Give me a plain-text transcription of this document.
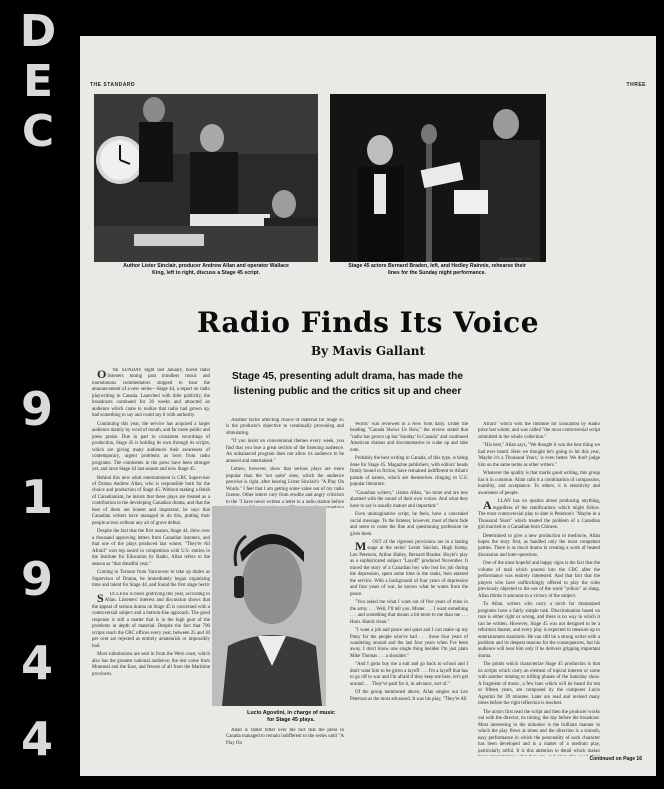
D
E
C
9
1
9
4
4
THE STANDARD	THREE
Author Lister Sinclair, producer Andrew Allan and operator Wallace King, left to right, discuss a Stage 45 script.
Stage 45 actors Bernard Braden, left, and Hedley Rainnie, rehearse their lines for the Sunday night performance.
Photo by Page Toles
Radio Finds Its Voice
By Mavis Gallant
Stage 45, presenting adult drama, has made the listening public and the critics sit up and cheer

ONE SUNDAY night last January, bored radio listeners tuning past mindless music and monotonous commentators stopped to hear the announcement of a new series—Stage 44, a report on radio playwriting in Canada. Launched with little publicity, the broadcasts continued for 26 weeks and attracted an audience which came to realize that radio had grown up, had something to say and could say it with authority.

Continuing this year, the service has acquired a larger audience mainly by word of mouth, and far more public and press praise. Due in part to consistent recordings of production, Stage 45 is holding its own through its scripts, which are giving many audiences their awareness of contemporary, urgent problems as born from radio programs. The comments in the press have been stronger yet, and once Stage 44 last season and now Stage 45.

Behind this new adult entertainment is CBC Supervisor of Drama Andrew Allan, who is responsible both for the choice and production of Stage 45. Without making a fetish of Canadianism, he insists that these plays are treated as a contribution to the developing Canadian drama, and that the best of them are honest and important; he says that Canadian writers have managed to do this, putting their people across without any air of grave defeat.

Despite the fact that the first season, Stage 44, drew over a thousand approving letters from Canadian listeners, and that one of the plays produced last winter, "They're All Afraid" won top award in competition with U.S. entries in the Institute for Education by Radio, Allan refers to the season as "that dreadful year."

Coming to Toronto from Vancouver to take up duties as Supervisor of Drama, he immediately began organizing time and talent for Stage 44, and found the first stage hectic

SUCCESS is more gratifying this year, according to Allan. Listeners' interest and discussion shows that the appeal of serious drama on Stage 45 is concerned with a controversial subject and a bottom-line approach. The good response is still a matter that is in the high gear of the problems in depth of material. Despite the fact that 700 scripts reach the CBC offices every year, between 25 and 30 per cent are rejected as entirely amateurish or impossibly bad.

Most submissions are sent in from the West coast, which also has the greatest national audience; the rest come from Montreal and the East, and fewest of all from the Maritime provinces.

Another factor affecting choice of material for Stage 45 is the producer's objective to continually provoking and stimulating.

"If you insist on conventional themes every week, you find that you lose a great section of the listening audience. An unbalanced program does not allow its audience to be amused and entertained."

Letters, however, show that serious plays are more popular than the 'not quite' ones, which the audience perceive is right, after hearing Lister Sinclair's "A Play On Words." I feel that I am getting some value out of my radio license. Other letters vary from erudite and angry criticism to the "I have never written a letter to a radio station before

Lucio Agostini, in charge of music for Stage 45 plays.

Allan is rather bitter over the fact that the press in Canada managed to remain indifferent to the series until "A Play On

Words" was reviewed in a New York daily. Under the heading "Canada Shows Us How," the review stated that "radio has grown up but 'Sunday' in Canada" and continued American dramas and documentaries to wake up and take note.

Probably the best writing in Canada, of this type, is being done for Stage 45. Magazine publishers, with editors' heads firmly bound to fiction, have remained indifferent to Allan's parade of names, which are themselves clinging to U.S. popular literature.

"Canadian writers," claims Allan, "no more and are less alarmed with the sound of their own voices. And what they have to say is usually mature and important."

Even unimaginative script, he feels, have a concealed social message. To the listener, however, most of them fade and seem to come the fine and questioning profession he gives them.

MOST of the rigorous provisions are in a lasting stage at the series' Lester Sinclair, Hugh Kemp, Len Peterson, Arthur Hailey, Bernard Braden: Hoyle's play as a sophisticated subject "Layoff" produced November. It traced the story of a Canadian boy who lost his job during the depression, spent some time in the ranks, then entered the service. With a background of four years of depression and four years of war, he knows what he wants from the peace.

"You asked me what I want out of five years of mine in the army . . . Well, I'll tell you, Mister . . . I want something . . . and something that means a bit more to me than me . . . Hum. Hands clean."

"I want a job and peace and quiet and I can make up my Patsy for the people who've had . . . those four years of wandering around and the last four years when I've been away. I don't know one single thing besides I'm just plain Mike Thomas . . . a shoulder."

"And I gotta buy me a suit and go back to school and I don't want him to be given a layoff . . . I'm a layoff that has to go off to war and I'm afraid if they keep me here, let's get around . . . They've paid for it, in advance, sort of."

Of the group mentioned above, Allan singles out Len Peterson as the most advanced. It was his play, "They're All

Afraid" which won the Institute for Education by Radio prize last winter, and was called "the most controversial script submitted in the whole collection."

"His best," Allan says, "We thought it was the best thing we had ever heard. Here we thought he's going to hit this year, 'Maybe it's a Thousand Years,' is even better. We don't judge him on the same terms as other writers."

Whatever the quality is that marks good writing, this group has it in common. Allan calls it a combination of compassion, humility, and acceptance. To others, it is sensitivity and awareness of people.

ALLAN has no qualms about producing anything, regardless of the ramifications which might follow. The most controversial play to date is Peterson's "Maybe in a Thousand Years" which treated the problem of a Canadian girl married to a Canadian-born Chinese.

Determined to give a new production to mediocre, Allan hopes the story first, as handled only the most competent parties. There is as much drama in creating a work of heated discussion and inter-questions.

One of the most hopeful and happy signs is the fact that the volume of mail which poured into the CBC after the performance was entirely interested. And that fact that the players who have unflinchingly offered to play the roles previously objected to the use of the word "yellow" as slang. Allan thinks it amounts to a victory of the subject.

To Allan, writers who carry a torch for dramatized programs have a fairly simple task. Discrimination based on race is either right or wrong, and there is no way in which it can be written. However, Stage 45 was not designed to be a reformist theater, and every play is expected to measure up to entertainment standards. He can still be a strong writer with a problem and its deepest reasons for the consequences, but his audience will hear him only if he delivers gripping important drama.

The points which characterize Stage 45 production is that its scripts which carry an element of topical interest or some with another relating to trifling phases of the Saturday show. A fragment of music, a few bars which will be heard for ten or fifteen years, are composed by the composer Lucio Agostini for 39 minutes. Later are read and revised many times before the right reflection is reached.

The actors first read the script and then the producer works out with the director, its timing, the day before the broadcast. Most interesting to the onlooker is the brilliant manner in which the play flows at times and the direction is a smooth, easy performance in which the personality of each character has been developed and is a matter of a medium play, particularly artful. It is this attention to detail which makes

Continued on Page 16
